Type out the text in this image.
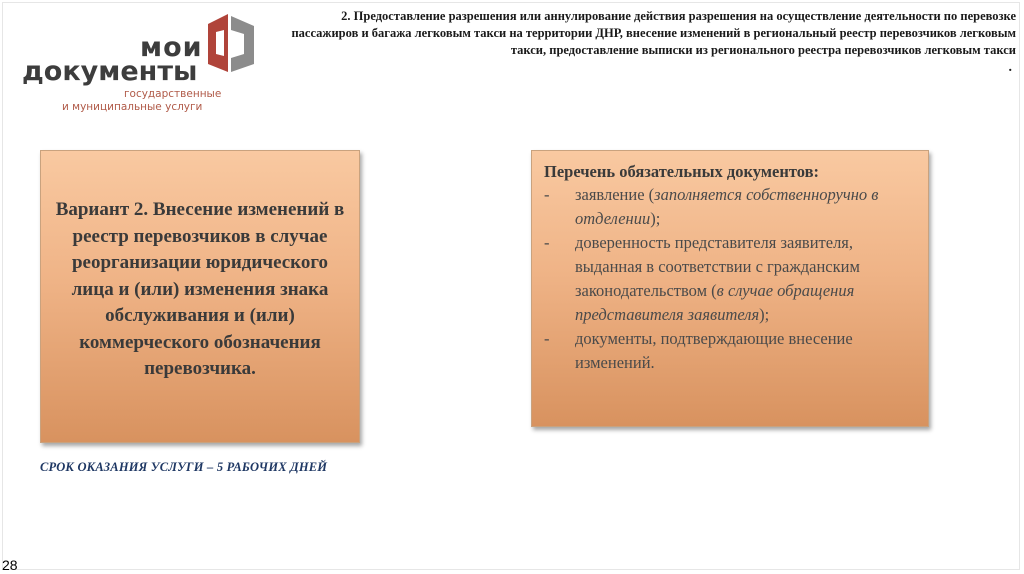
мои
документы
государственные
и муниципальные услуги
2. Предоставление разрешения или аннулирование действия разрешения на осуществление деятельности по перевозке пассажиров и багажа легковым такси на территории ДНР, внесение изменений в региональный реестр перевозчиков легковым такси, предоставление выписки из регионального реестра перевозчиков легковым такси
.
Вариант 2. Внесение изменений в реестр перевозчиков в случае реорганизации юридического лица и (или) изменения знака обслуживания и (или) коммерческого обозначения перевозчика.
Перечень обязательных документов:
- заявление (заполняется собственноручно в отделении);
- доверенность представителя заявителя, выданная в соответствии с гражданским законодательством (в случае обращения представителя заявителя);
- документы, подтверждающие внесение изменений.
СРОК ОКАЗАНИЯ УСЛУГИ – 5 РАБОЧИХ ДНЕЙ
28
